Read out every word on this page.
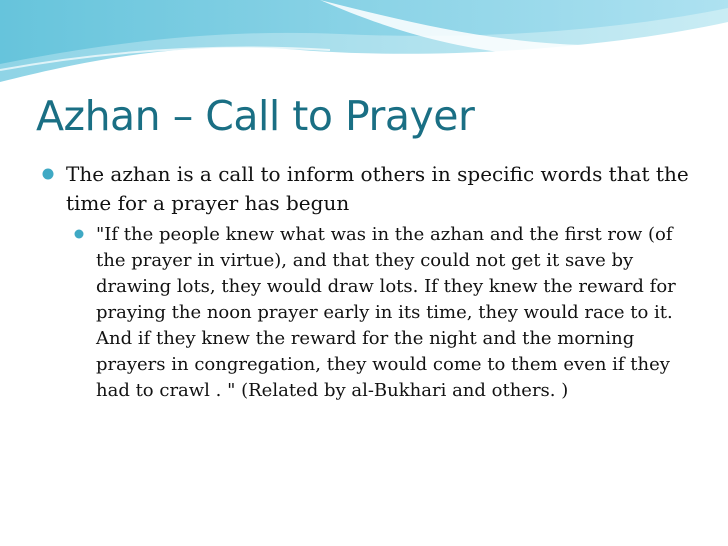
Azhan – Call to Prayer
The azhan is a call to inform others in specific words that the time for a prayer has begun
"If the people knew what was in the azhan and the first row (of the prayer in virtue), and that they could not get it save by drawing lots, they would draw lots. If they knew the reward for praying the noon prayer early in its time, they would race to it. And if they knew the reward for the night and the morning prayers in congregation, they would come to them even if they had to crawl . " (Related by al-Bukhari and others. )
